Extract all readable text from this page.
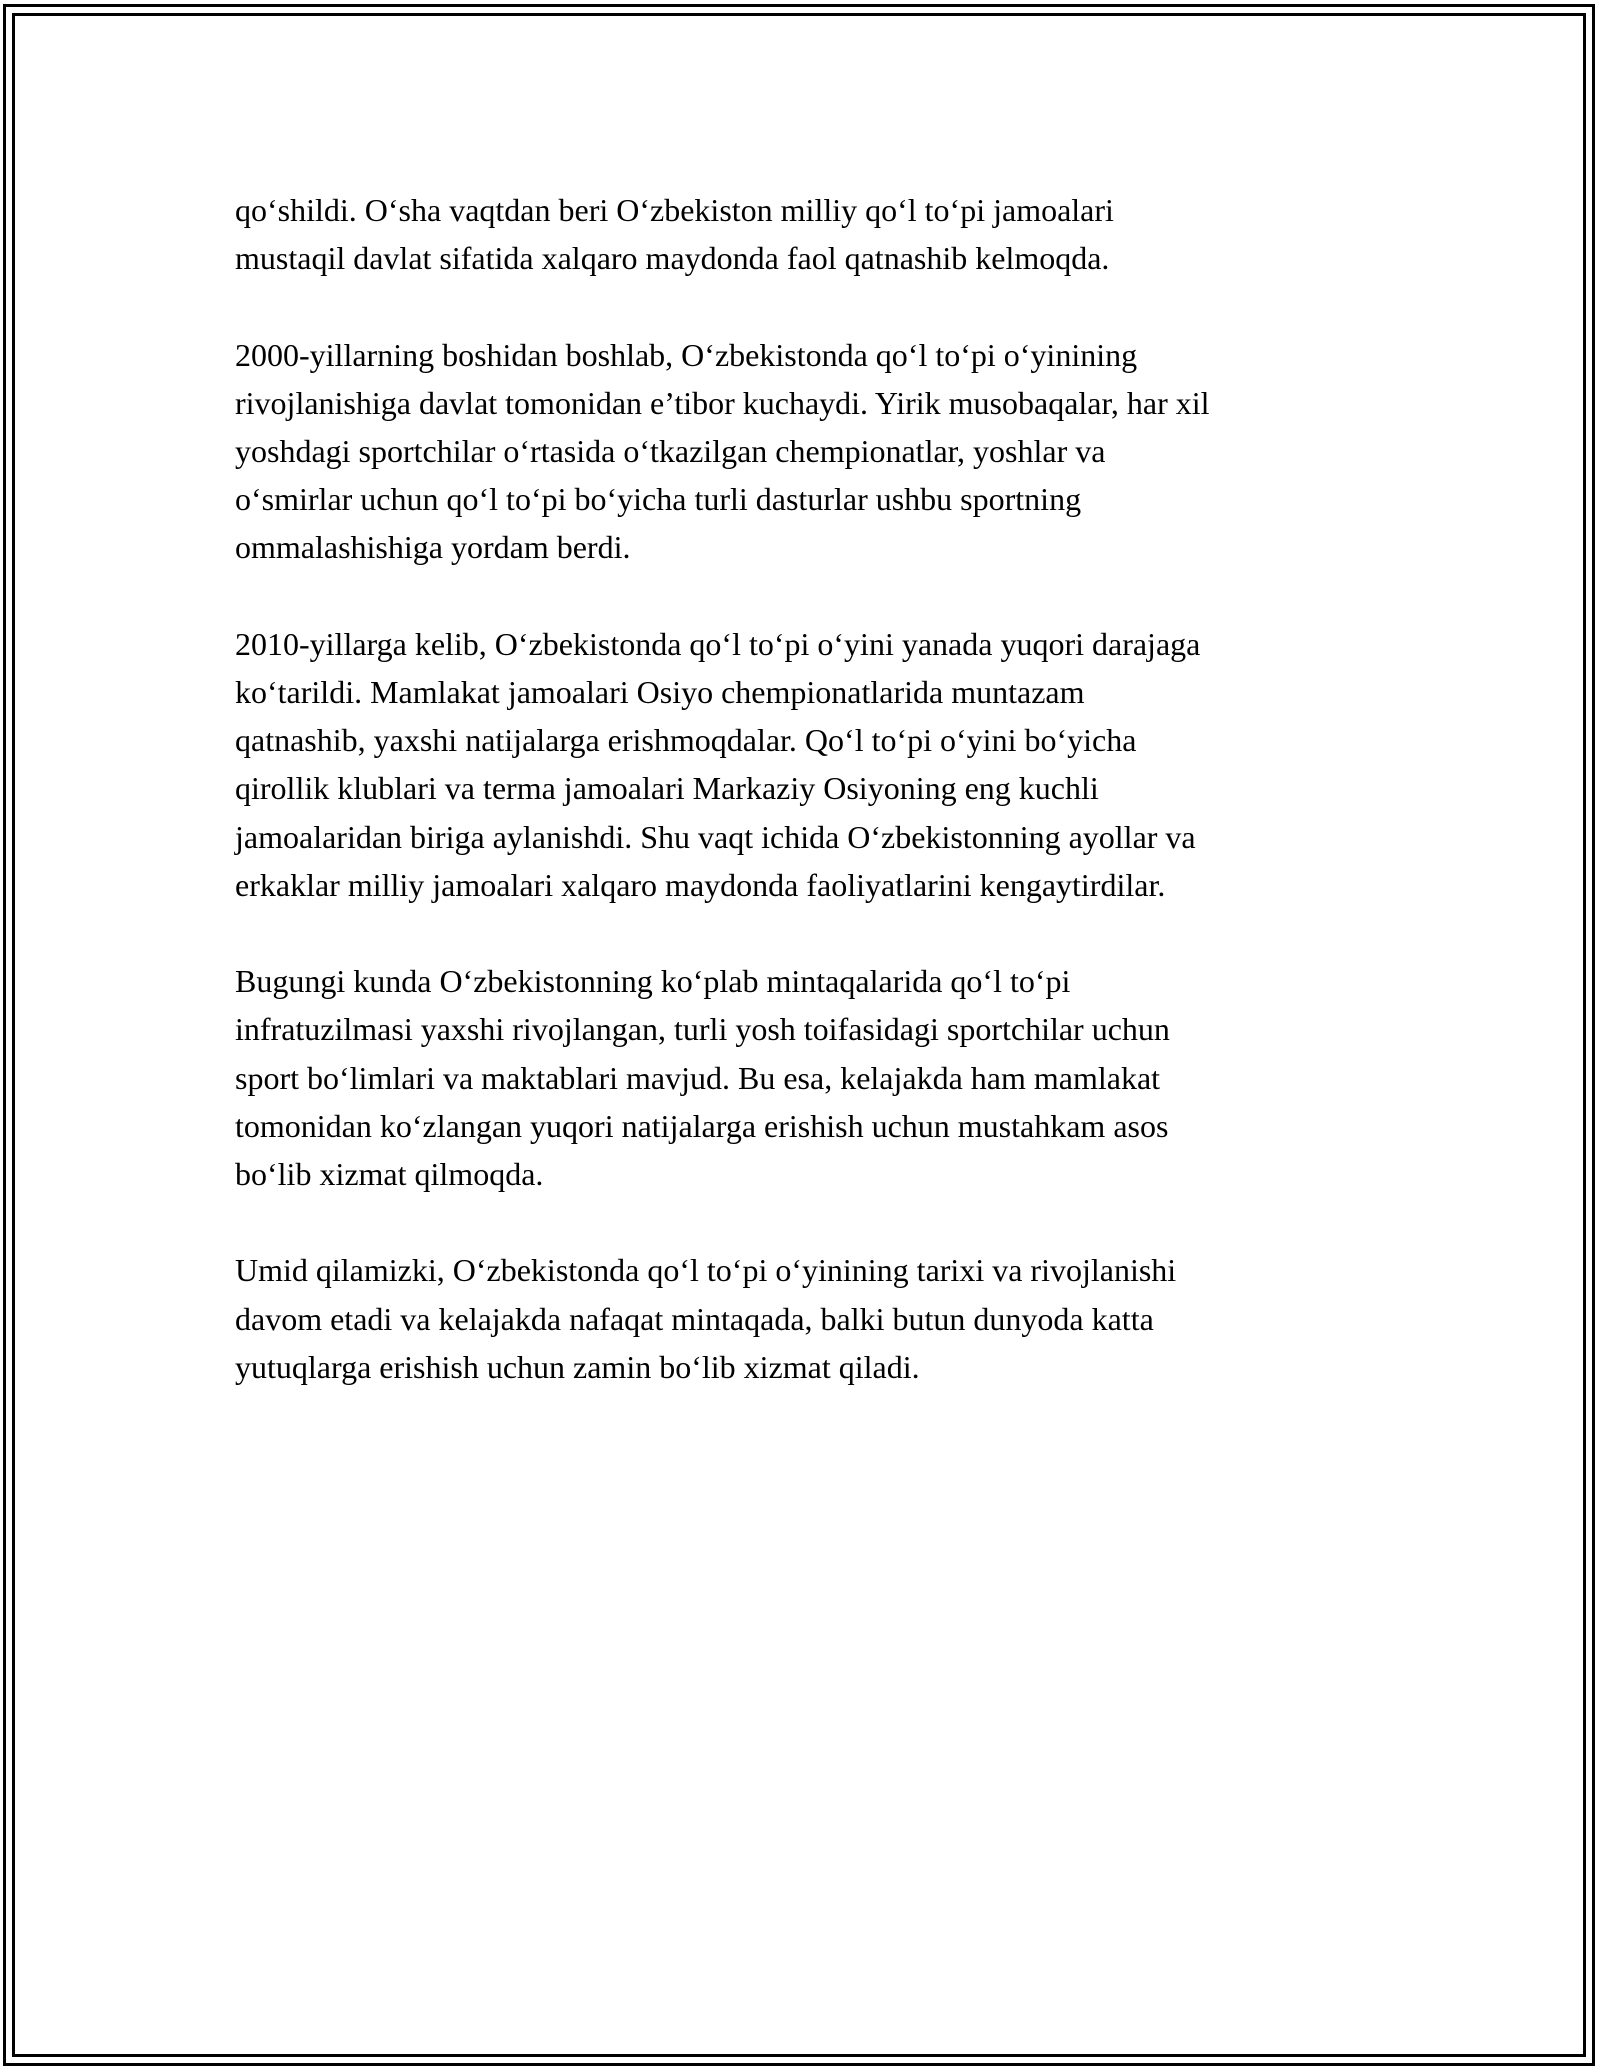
qo‘shildi. O‘sha vaqtdan beri O‘zbekiston milliy qo‘l to‘pi jamoalari
mustaqil davlat sifatida xalqaro maydonda faol qatnashib kelmoqda.

2000-yillarning boshidan boshlab, O‘zbekistonda qo‘l to‘pi o‘yinining
rivojlanishiga davlat tomonidan e’tibor kuchaydi. Yirik musobaqalar, har xil
yoshdagi sportchilar o‘rtasida o‘tkazilgan chempionatlar, yoshlar va
o‘smirlar uchun qo‘l to‘pi bo‘yicha turli dasturlar ushbu sportning
ommalashishiga yordam berdi.

2010-yillarga kelib, O‘zbekistonda qo‘l to‘pi o‘yini yanada yuqori darajaga
ko‘tarildi. Mamlakat jamoalari Osiyo chempionatlarida muntazam
qatnashib, yaxshi natijalarga erishmoqdalar. Qo‘l to‘pi o‘yini bo‘yicha
qirollik klublari va terma jamoalari Markaziy Osiyoning eng kuchli
jamoalaridan biriga aylanishdi. Shu vaqt ichida O‘zbekistonning ayollar va
erkaklar milliy jamoalari xalqaro maydonda faoliyatlarini kengaytirdilar.

Bugungi kunda O‘zbekistonning ko‘plab mintaqalarida qo‘l to‘pi
infratuzilmasi yaxshi rivojlangan, turli yosh toifasidagi sportchilar uchun
sport bo‘limlari va maktablari mavjud. Bu esa, kelajakda ham mamlakat
tomonidan ko‘zlangan yuqori natijalarga erishish uchun mustahkam asos
bo‘lib xizmat qilmoqda.

Umid qilamizki, O‘zbekistonda qo‘l to‘pi o‘yinining tarixi va rivojlanishi
davom etadi va kelajakda nafaqat mintaqada, balki butun dunyoda katta
yutuqlarga erishish uchun zamin bo‘lib xizmat qiladi.
